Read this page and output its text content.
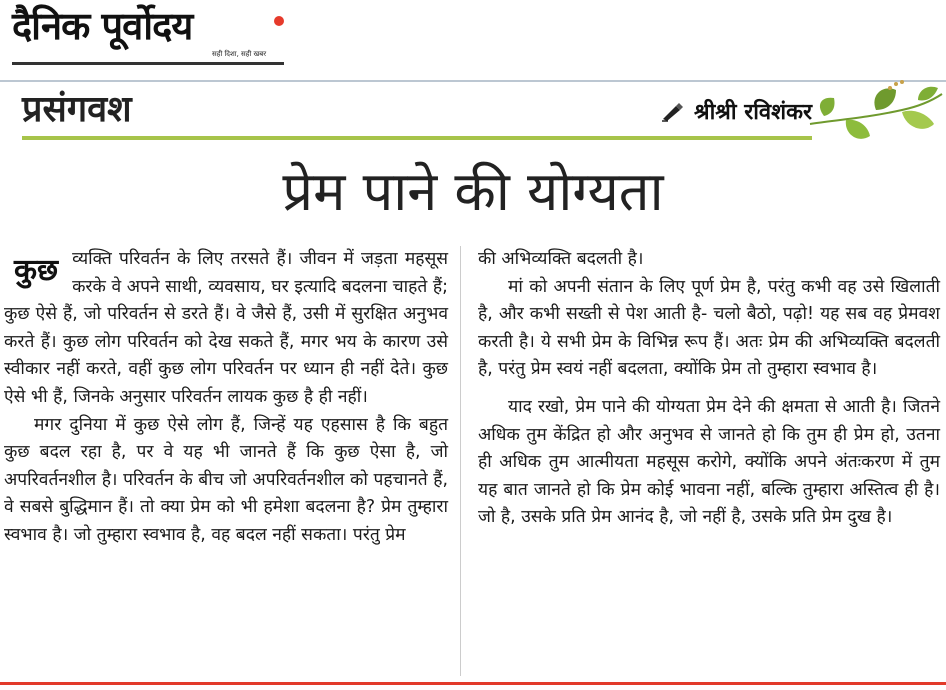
दैनिक पूर्वोदय
सही दिशा, सही खबर
प्रसंगवश	श्रीश्री रविशंकर
प्रेम पाने की योग्यता

कुछ व्यक्ति परिवर्तन के लिए तरसते हैं। जीवन में जड़ता महसूस करके वे अपने साथी, व्यवसाय, घर इत्यादि बदलना चाहते हैं; कुछ ऐसे हैं, जो परिवर्तन से डरते हैं। वे जैसे हैं, उसी में सुरक्षित अनुभव करते हैं। कुछ लोग परिवर्तन को देख सकते हैं, मगर भय के कारण उसे स्वीकार नहीं करते, वहीं कुछ लोग परिवर्तन पर ध्यान ही नहीं देते। कुछ ऐसे भी हैं, जिनके अनुसार परिवर्तन लायक कुछ है ही नहीं।

मगर दुनिया में कुछ ऐसे लोग हैं, जिन्हें यह एहसास है कि बहुत कुछ बदल रहा है, पर वे यह भी जानते हैं कि कुछ ऐसा है, जो अपरिवर्तनशील है। परिवर्तन के बीच जो अपरिवर्तनशील को पहचानते हैं, वे सबसे बुद्धिमान हैं। तो क्या प्रेम को भी हमेशा बदलना है? प्रेम तुम्हारा स्वभाव है। जो तुम्हारा स्वभाव है, वह बदल नहीं सकता। परंतु प्रेम

की अभिव्यक्ति बदलती है।

मां को अपनी संतान के लिए पूर्ण प्रेम है, परंतु कभी वह उसे खिलाती है, और कभी सख्ती से पेश आती है- चलो बैठो, पढ़ो! यह सब वह प्रेमवश करती है। ये सभी प्रेम के विभिन्न रूप हैं। अतः प्रेम की अभिव्यक्ति बदलती है, परंतु प्रेम स्वयं नहीं बदलता, क्योंकि प्रेम तो तुम्हारा स्वभाव है।

याद रखो, प्रेम पाने की योग्यता प्रेम देने की क्षमता से आती है। जितने अधिक तुम केंद्रित हो और अनुभव से जानते हो कि तुम ही प्रेम हो, उतना ही अधिक तुम आत्मीयता महसूस करोगे, क्योंकि अपने अंतःकरण में तुम यह बात जानते हो कि प्रेम कोई भावना नहीं, बल्कि तुम्हारा अस्तित्व ही है। जो है, उसके प्रति प्रेम आनंद है, जो नहीं है, उसके प्रति प्रेम दुख है।
